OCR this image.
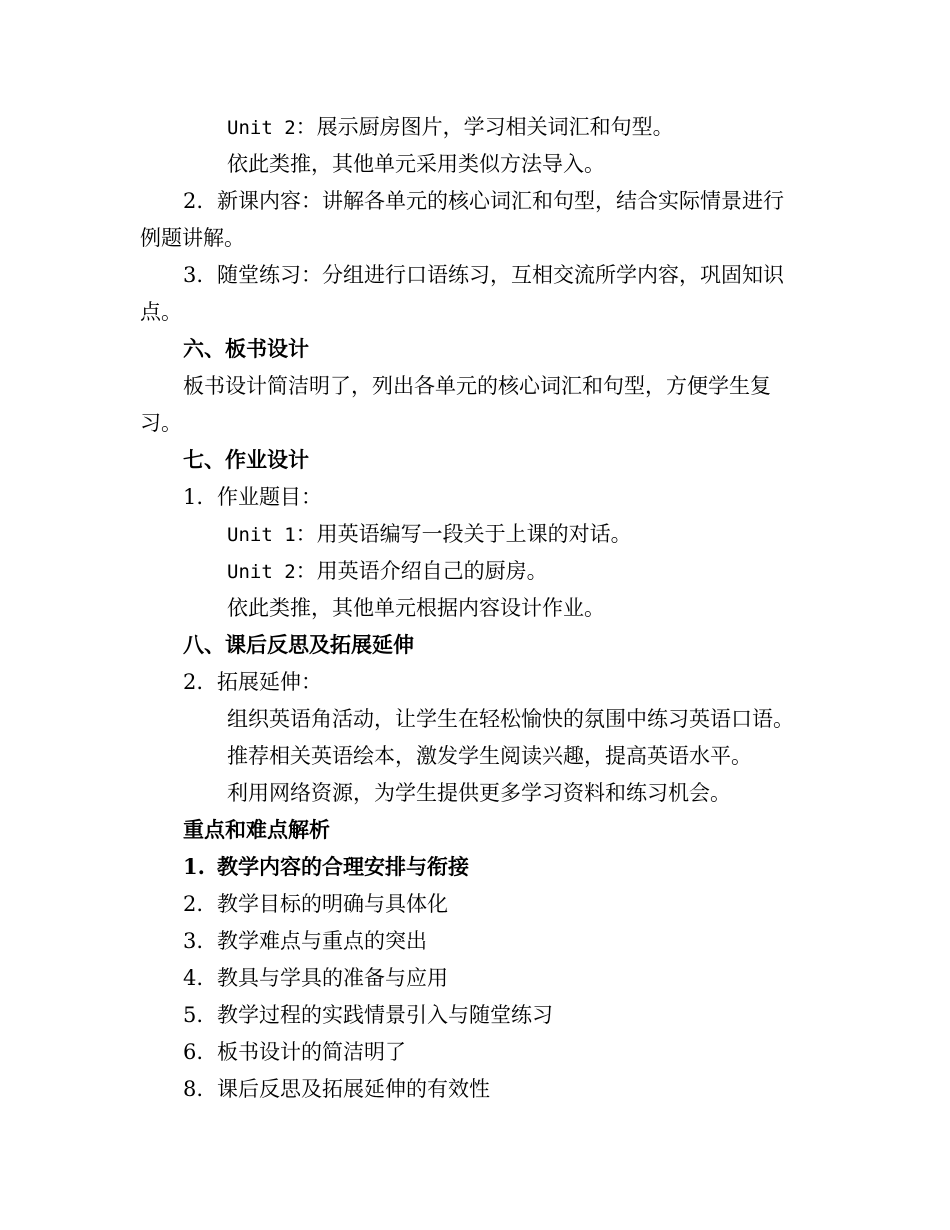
Unit 2：展示厨房图片，学习相关词汇和句型。
依此类推，其他单元采用类似方法导入。
2. 新课内容：讲解各单元的核心词汇和句型，结合实际情景进行
例题讲解。
3. 随堂练习：分组进行口语练习，互相交流所学内容，巩固知识
点。
六、板书设计
板书设计简洁明了，列出各单元的核心词汇和句型，方便学生复
习。
七、作业设计
1. 作业题目：
Unit 1：用英语编写一段关于上课的对话。
Unit 2：用英语介绍自己的厨房。
依此类推，其他单元根据内容设计作业。
八、课后反思及拓展延伸
2. 拓展延伸：
组织英语角活动，让学生在轻松愉快的氛围中练习英语口语。
推荐相关英语绘本，激发学生阅读兴趣，提高英语水平。
利用网络资源，为学生提供更多学习资料和练习机会。
重点和难点解析
1. 教学内容的合理安排与衔接
2. 教学目标的明确与具体化
3. 教学难点与重点的突出
4. 教具与学具的准备与应用
5. 教学过程的实践情景引入与随堂练习
6. 板书设计的简洁明了
8. 课后反思及拓展延伸的有效性
